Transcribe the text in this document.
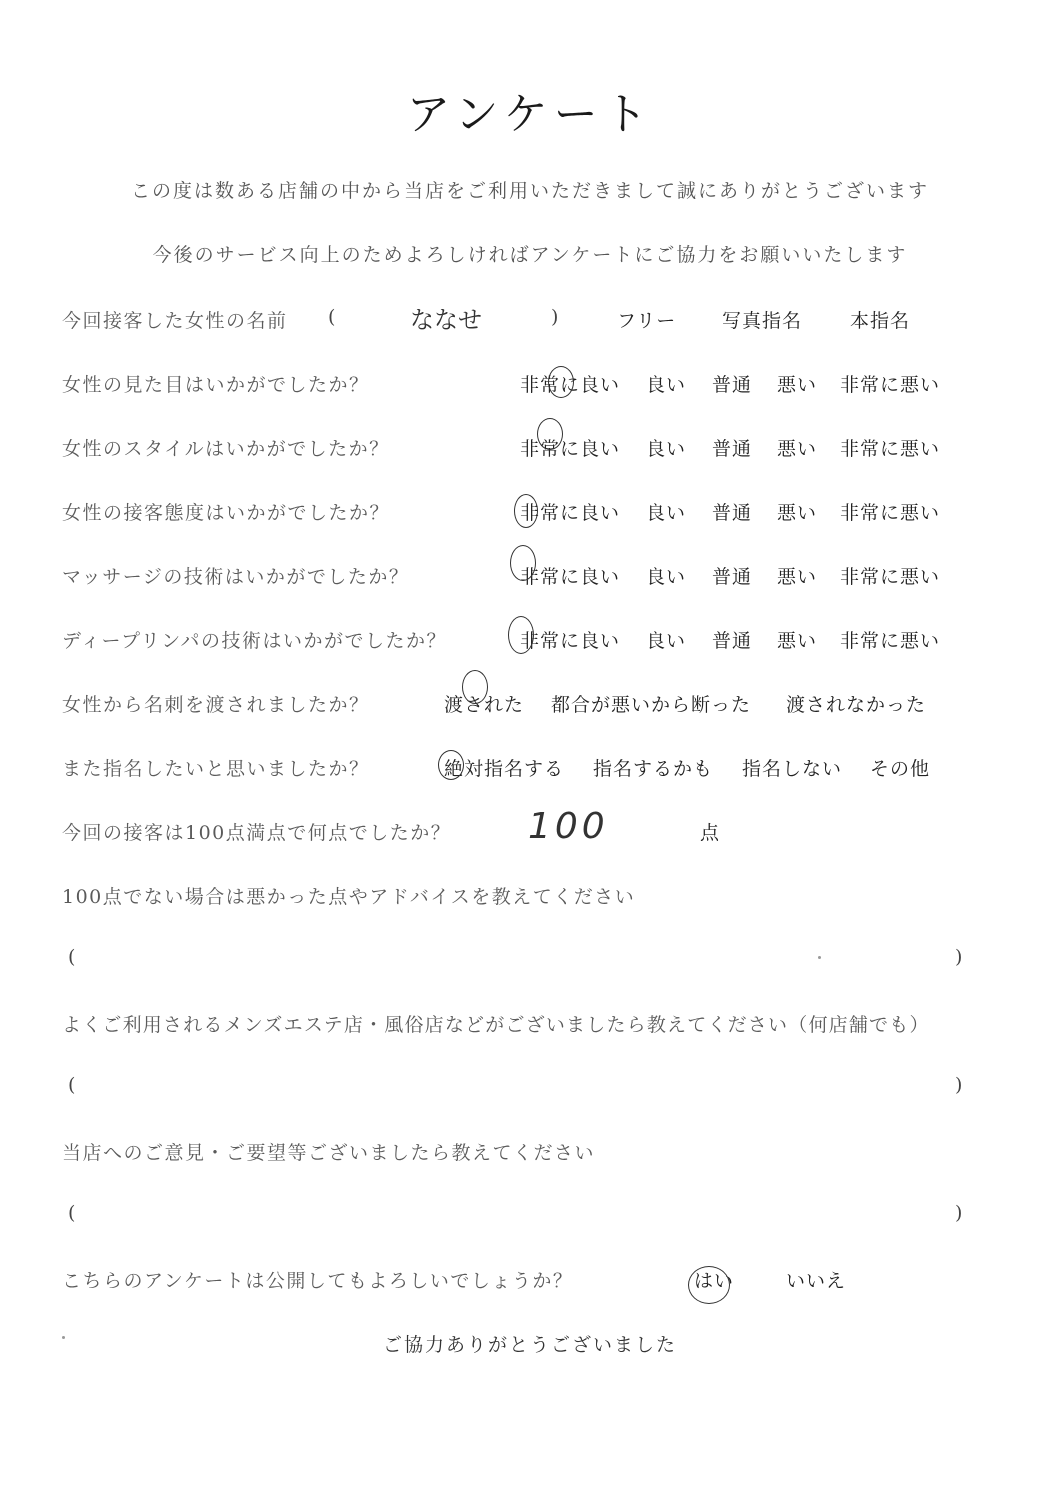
アンケート
この度は数ある店舗の中から当店をご利用いただきまして誠にありがとうございます
今後のサービス向上のためよろしければアンケートにご協力をお願いいたします
今回接客した女性の名前 (	ななせ	)	フリー 写真指名	本指名
女性の見た目はいかがでしたか？	非常に良い 良い 普通 悪い 非常に悪い
女性のスタイルはいかがでしたか？	非常に良い 良い 普通 悪い 非常に悪い
女性の接客態度はいかがでしたか？	非常に良い 良い 普通 悪い 非常に悪い
マッサージの技術はいかがでしたか？	非常に良い 良い 普通 悪い 非常に悪い
ディープリンパの技術はいかがでしたか？	非常に良い 良い 普通 悪い 非常に悪い
女性から名刺を渡されましたか？	渡された 都合が悪いから断った 渡されなかった
また指名したいと思いましたか？	絶対指名する 指名するかも 指名しない その他
今回の接客は100点満点で何点でしたか？ 100	点
100点でない場合は悪かった点やアドバイスを教えてください
(	)
よくご利用されるメンズエステ店・風俗店などがございましたら教えてください（何店舗でも）
(	)
当店へのご意見・ご要望等ございましたら教えてください
(	)
こちらのアンケートは公開してもよろしいでしょうか？	はい	いいえ
ご協力ありがとうございました
